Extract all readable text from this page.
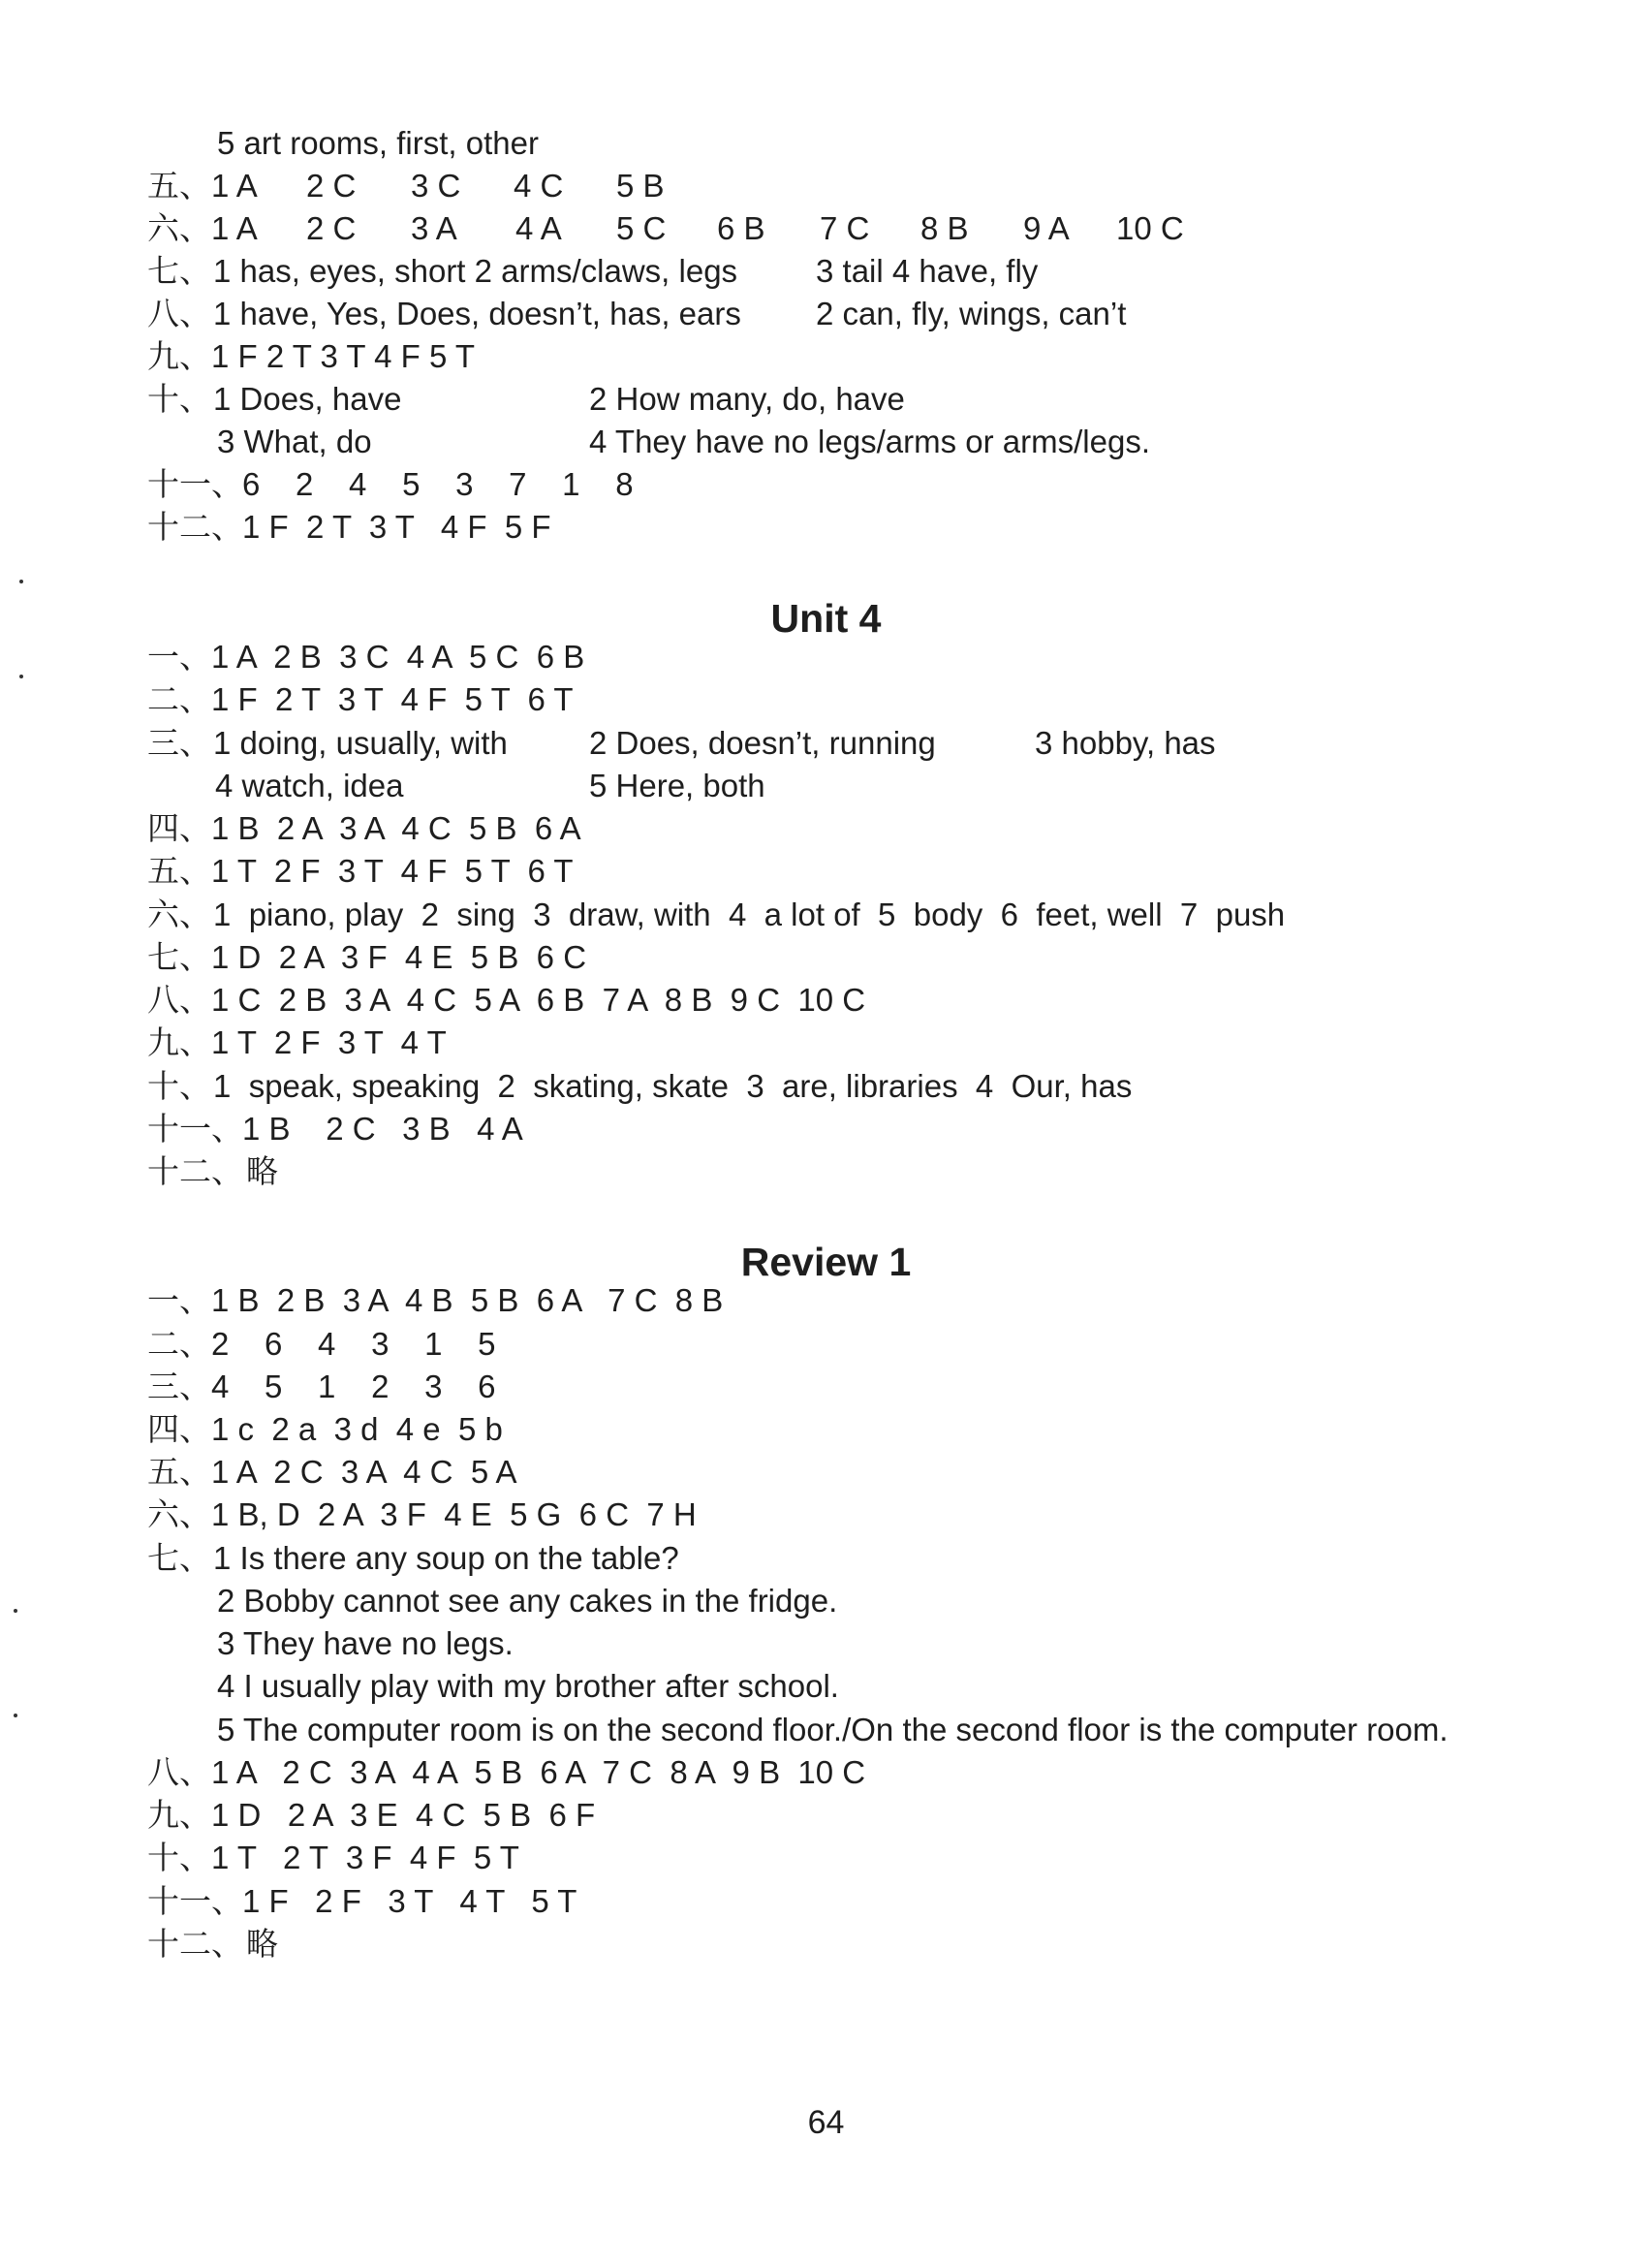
5 art rooms, first, other
五、 1 A 2 C 3 C 4 C 5 B
六、 1 A 2 C 3 A 4 A 5 C 6 B 7 C 8 B 9 A 10 C
七、 1 has, eyes, short 2 arms/claws, legs 3 tail 4 have, fly
八、 1 have, Yes, Does, doesn’t, has, ears 2 can, fly, wings, can’t
九、 1 F 2 T 3 T 4 F 5 T
十、 1 Does, have	2 How many, do, have
3 What, do	4 They have no legs/arms or arms/legs.
十一、 6    2    4    5    3    7    1    8
十二、 1 F  2 T  3 T   4 F  5 F
Unit 4
一、 1 A  2 B  3 C  4 A  5 C  6 B
二、 1 F  2 T  3 T  4 F  5 T  6 T
三、 1 doing, usually, with	2 Does, doesn’t, running	3 hobby, has
4 watch, idea	5 Here, both
四、 1 B  2 A  3 A  4 C  5 B  6 A
五、 1 T  2 F  3 T  4 F  5 T  6 T
六、 1  piano, play  2  sing  3  draw, with  4  a lot of  5  body  6  feet, well  7  push
七、 1 D  2 A  3 F  4 E  5 B  6 C
八、 1 C  2 B  3 A  4 C  5 A  6 B  7 A  8 B  9 C  10 C
九、 1 T  2 F  3 T  4 T
十、 1  speak, speaking  2  skating, skate  3  are, libraries  4  Our, has
十一、 1 B    2 C   3 B   4 A
十二、 略
Review 1
一、 1 B  2 B  3 A  4 B  5 B  6 A   7 C  8 B
二、 2    6    4    3    1    5
三、 4    5    1    2    3    6
四、 1 c  2 a  3 d  4 e  5 b
五、 1 A  2 C  3 A  4 C  5 A
六、 1 B, D  2 A  3 F  4 E  5 G  6 C  7 H
七、 1 Is there any soup on the table?
2 Bobby cannot see any cakes in the fridge.
3 They have no legs.
4 I usually play with my brother after school.
5 The computer room is on the second floor./On the second floor is the computer room.
八、 1 A   2 C  3 A  4 A  5 B  6 A  7 C  8 A  9 B  10 C
九、 1 D   2 A  3 E  4 C  5 B  6 F
十、 1 T   2 T  3 F  4 F  5 T
十一、 1 F   2 F   3 T   4 T   5 T
十二、 略
64
